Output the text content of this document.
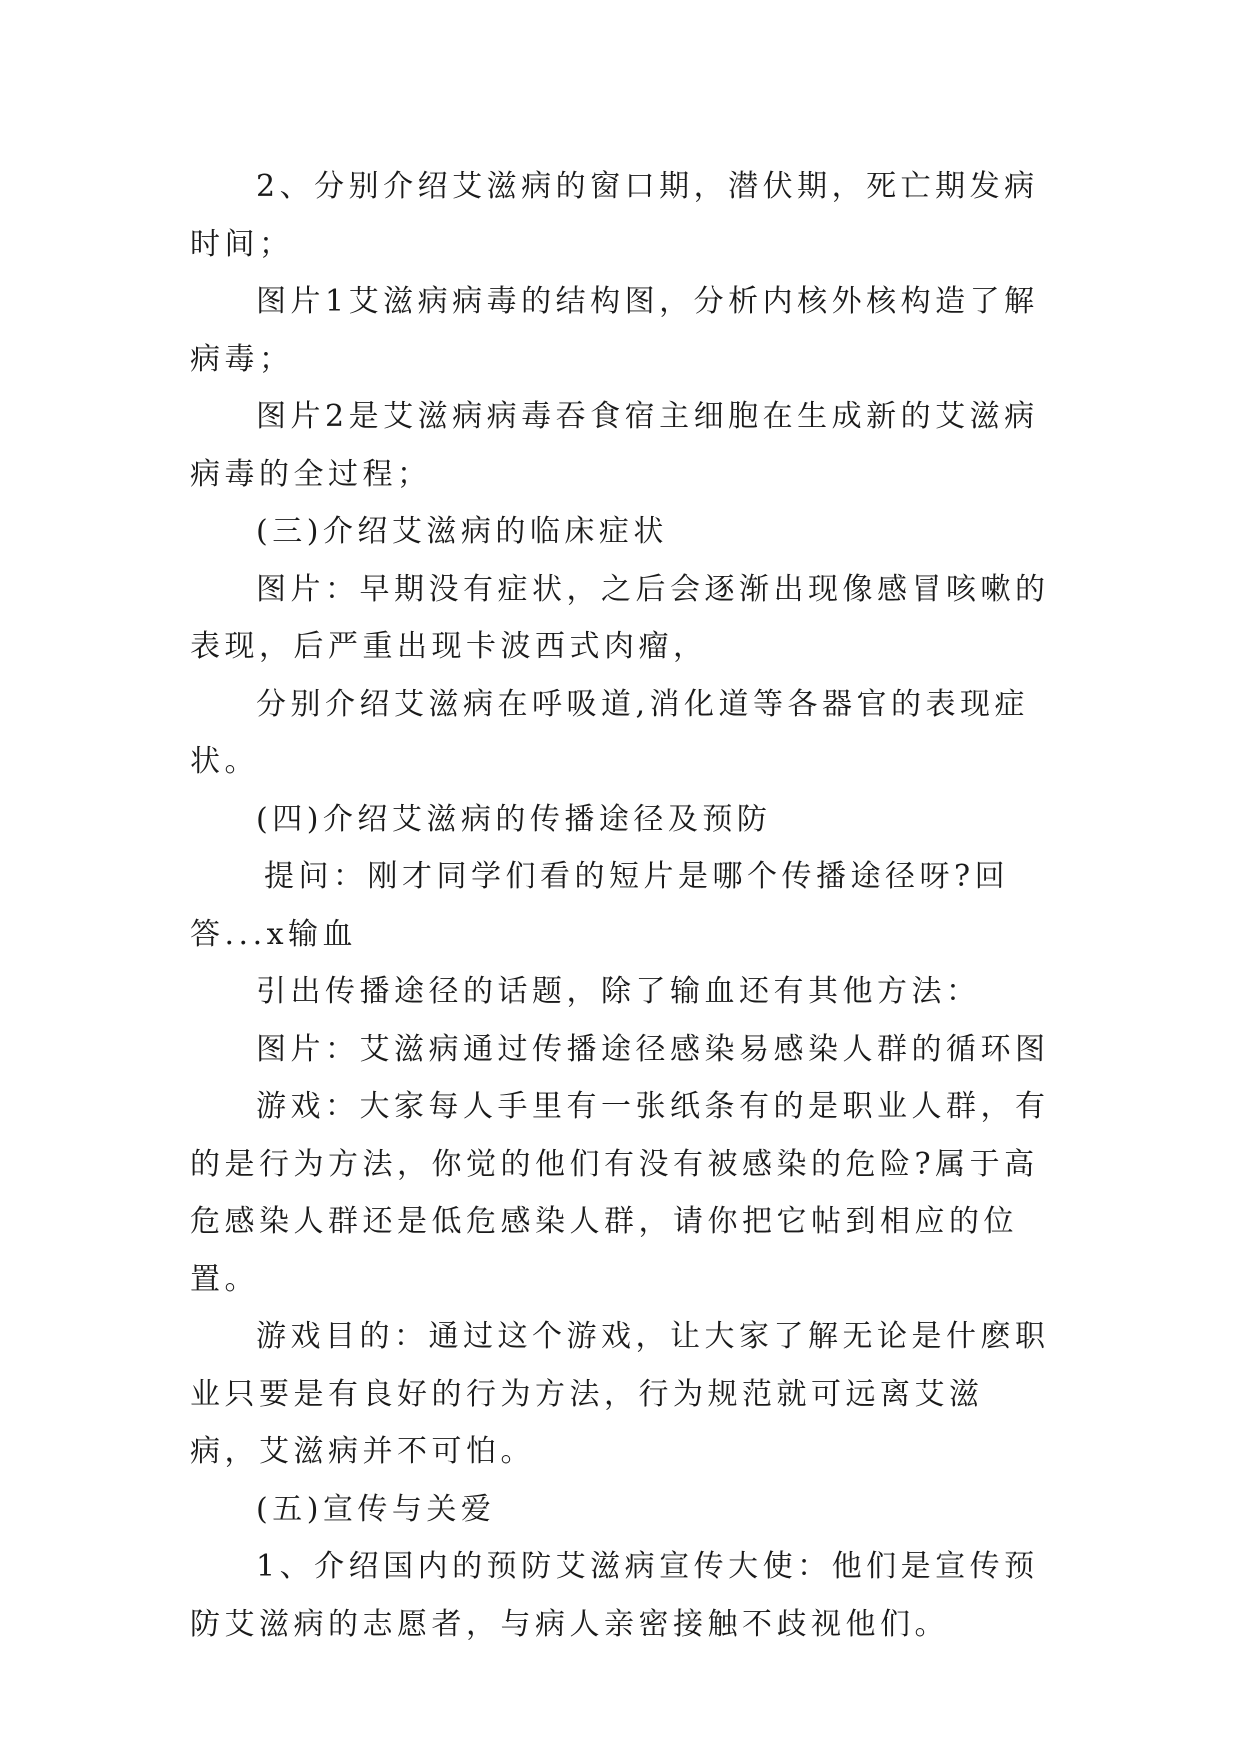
2、分别介绍艾滋病的窗口期，潜伏期，死亡期发病时间；

图片1艾滋病病毒的结构图，分析内核外核构造了解病毒；

图片2是艾滋病病毒吞食宿主细胞在生成新的艾滋病病毒的全过程；

(三)介绍艾滋病的临床症状

图片：早期没有症状，之后会逐渐出现像感冒咳嗽的表现，后严重出现卡波西式肉瘤，

分别介绍艾滋病在呼吸道,消化道等各器官的表现症状。

(四)介绍艾滋病的传播途径及预防

提问：刚才同学们看的短片是哪个传播途径呀?回答...x输血

引出传播途径的话题，除了输血还有其他方法：

图片：艾滋病通过传播途径感染易感染人群的循环图

游戏：大家每人手里有一张纸条有的是职业人群，有的是行为方法，你觉的他们有没有被感染的危险?属于高危感染人群还是低危感染人群，请你把它帖到相应的位置。

游戏目的：通过这个游戏，让大家了解无论是什麽职业只要是有良好的行为方法，行为规范就可远离艾滋病，艾滋病并不可怕。

(五)宣传与关爱

1、介绍国内的预防艾滋病宣传大使：他们是宣传预防艾滋病的志愿者，与病人亲密接触不歧视他们。
